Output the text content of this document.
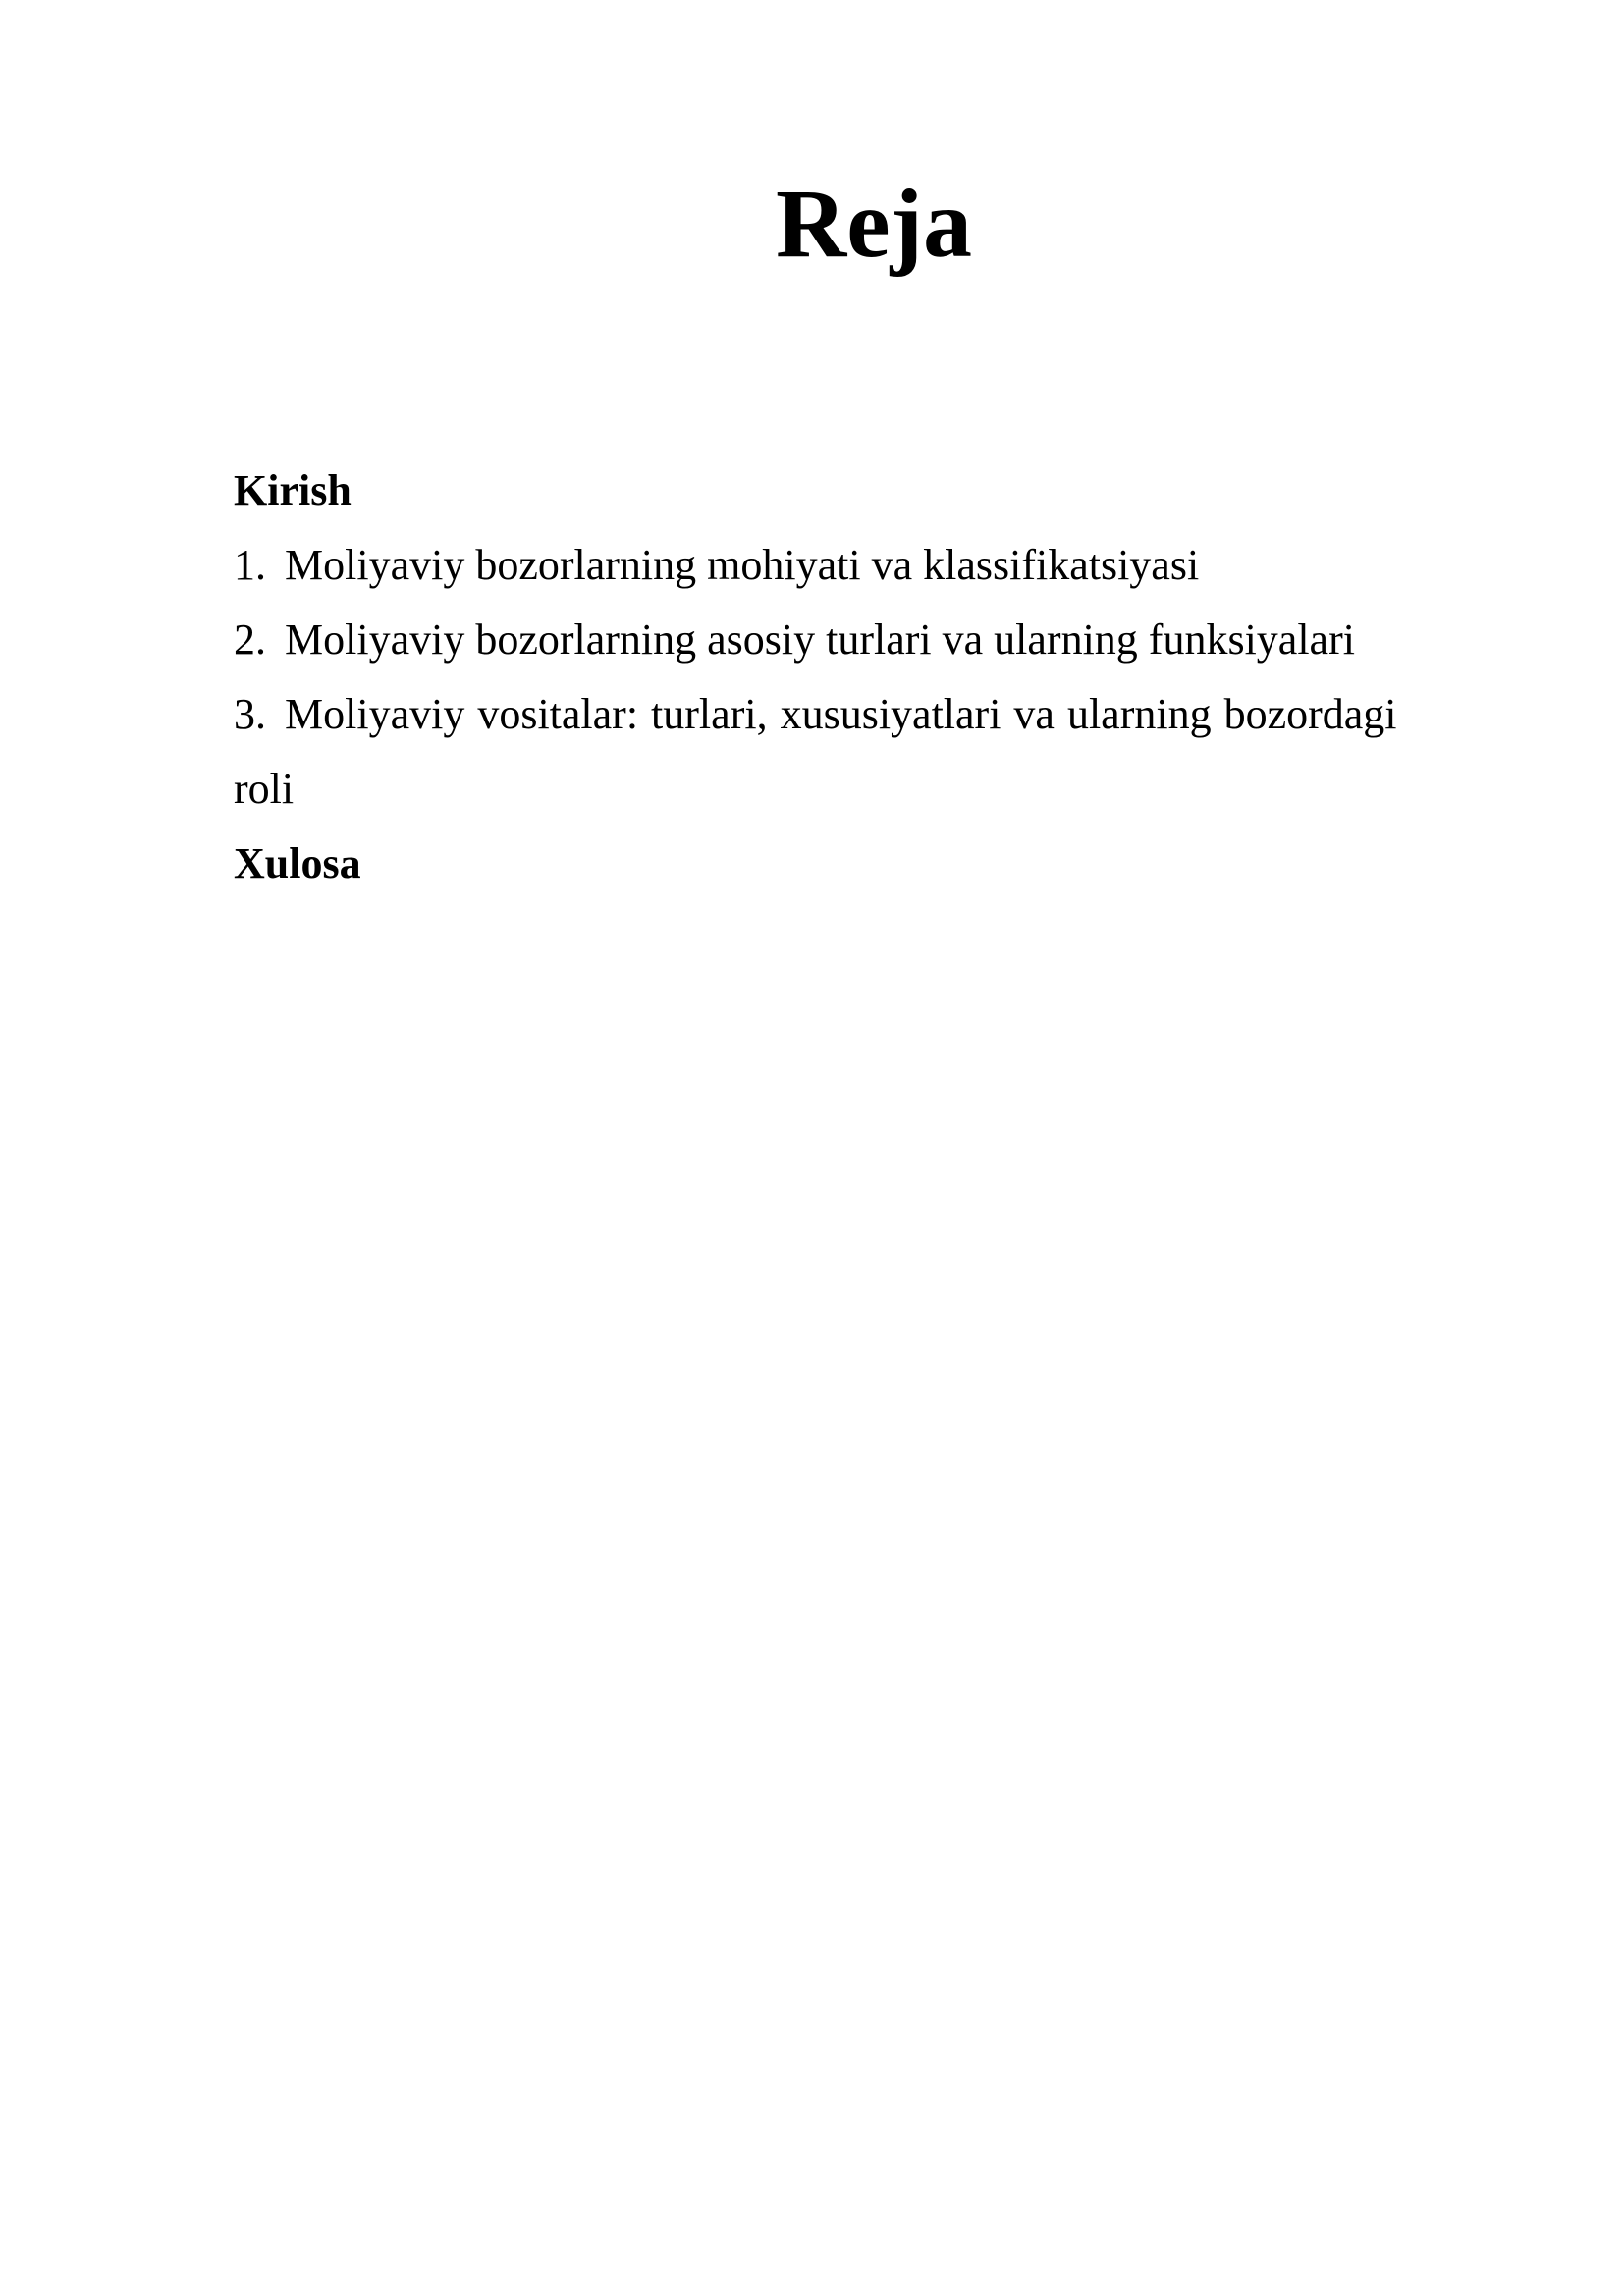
Reja
Kirish
1. Moliyaviy bozorlarning mohiyati va klassifikatsiyasi
2. Moliyaviy bozorlarning asosiy turlari va ularning funksiyalari
3. Moliyaviy vositalar: turlari, xususiyatlari va ularning bozordagi
roli
Xulosa
